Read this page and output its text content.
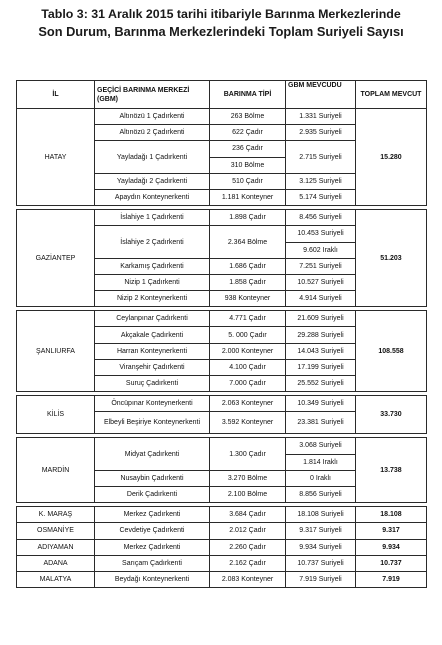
Tablo 3: 31 Aralık 2015 tarihi itibariyle Barınma Merkezlerinde
Son Durum, Barınma Merkezlerindeki Toplam Suriyeli Sayısı
İL	GEÇİCİ BARINMA MERKEZİ (GBM)	BARINMA TİPİ	GBM MEVCUDU	TOPLAM MEVCUT
HATAY	Altınözü 1 Çadırkenti	263 Bölme	1.331 Suriyeli	15.280
	Altınözü 2 Çadırkenti	622 Çadır	2.935 Suriyeli	
	Yayladağı 1 Çadırkenti	236 Çadır	2.715 Suriyeli	
		310 Bölme		
	Yayladağı 2 Çadırkenti	510 Çadır	3.125 Suriyeli	
	Apaydın Konteynerkenti	1.181 Konteyner	5.174 Suriyeli	

GAZİANTEP	İslahiye 1 Çadırkenti	1.898 Çadır	8.456 Suriyeli	51.203
	İslahiye 2 Çadırkenti	2.364 Bölme	10.453 Suriyeli	
			9.602 Iraklı	
	Karkamış Çadırkenti	1.686 Çadır	7.251 Suriyeli	
	Nizip 1 Çadırkenti	1.858 Çadır	10.527 Suriyeli	
	Nizip 2 Konteynerkenti	938 Konteyner	4.914 Suriyeli	

ŞANLIURFA	Ceylanpınar Çadırkenti	4.771 Çadır	21.609 Suriyeli	108.558
	Akçakale Çadırkenti	5. 000 Çadır	29.288 Suriyeli	
	Harran Konteynerkenti	2.000 Konteyner	14.043 Suriyeli	
	Viranşehir Çadırkenti	4.100 Çadır	17.199 Suriyeli	
	Suruç Çadırkenti	7.000 Çadır	25.552 Suriyeli	

KİLİS	Öncüpınar Konteynerkenti	2.063 Konteyner	10.349 Suriyeli	33.730
	Elbeyli Beşiriye Konteynerkenti	3.592 Konteyner	23.381 Suriyeli	

MARDİN	Midyat Çadırkenti	1.300 Çadır	3.068 Suriyeli	13.738
			1.814 Iraklı	
	Nusaybin Çadırkenti	3.270 Bölme	0 Iraklı	
	Derik Çadırkenti	2.100 Bölme	8.856 Suriyeli	

K. MARAŞ	Merkez Çadırkenti	3.684 Çadır	18.108 Suriyeli	18.108
OSMANİYE	Cevdetiye Çadırkenti	2.012 Çadır	9.317 Suriyeli	9.317
ADIYAMAN	Merkez Çadırkenti	2.260 Çadır	9.934 Suriyeli	9.934
ADANA	Sarıçam Çadırkenti	2.162 Çadır	10.737 Suriyeli	10.737
MALATYA	Beydağı Konteynerkenti	2.083 Konteyner	7.919 Suriyeli	7.919
